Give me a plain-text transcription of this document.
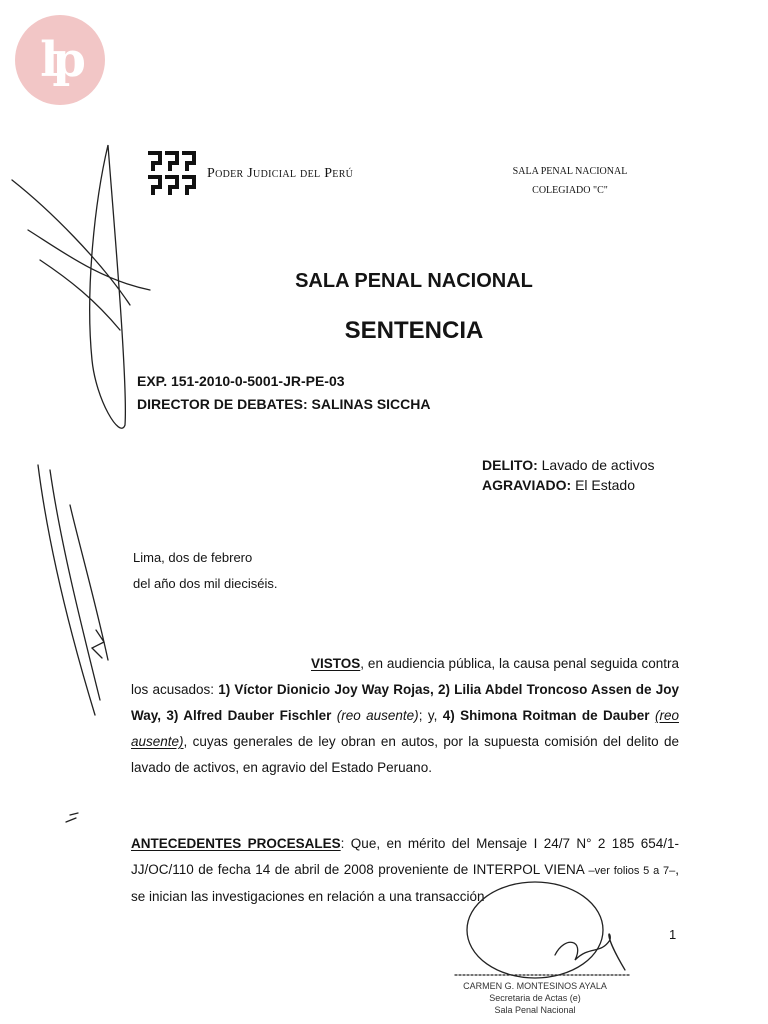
lp
Poder Judicial del Perú	SALA PENAL NACIONAL
COLEGIADO "C"
SALA PENAL NACIONAL
SENTENCIA
EXP. 151-2010-0-5001-JR-PE-03
DIRECTOR DE DEBATES: SALINAS SICCHA
DELITO: Lavado de activos
AGRAVIADO: El Estado
Lima, dos de febrero
del año dos mil dieciséis.
VISTOS, en audiencia pública, la causa penal seguida contra los acusados: 1) Víctor Dionicio Joy Way Rojas, 2) Lilia Abdel Troncoso Assen de Joy Way, 3) Alfred Dauber Fischler (reo ausente); y, 4) Shimona Roitman de Dauber (reo ausente), cuyas generales de ley obran en autos, por la supuesta comisión del delito de lavado de activos, en agravio del Estado Peruano.
ANTECEDENTES PROCESALES: Que, en mérito del Mensaje I 24/7 N° 2 185 654/1-JJ/OC/110 de fecha 14 de abril de 2008 proveniente de INTERPOL VIENA –ver folios 5 a 7–, se inician las investigaciones en relación a una transacción
1
CARMEN G. MONTESINOS AYALA
Secretaria de Actas (e)
Sala Penal Nacional
